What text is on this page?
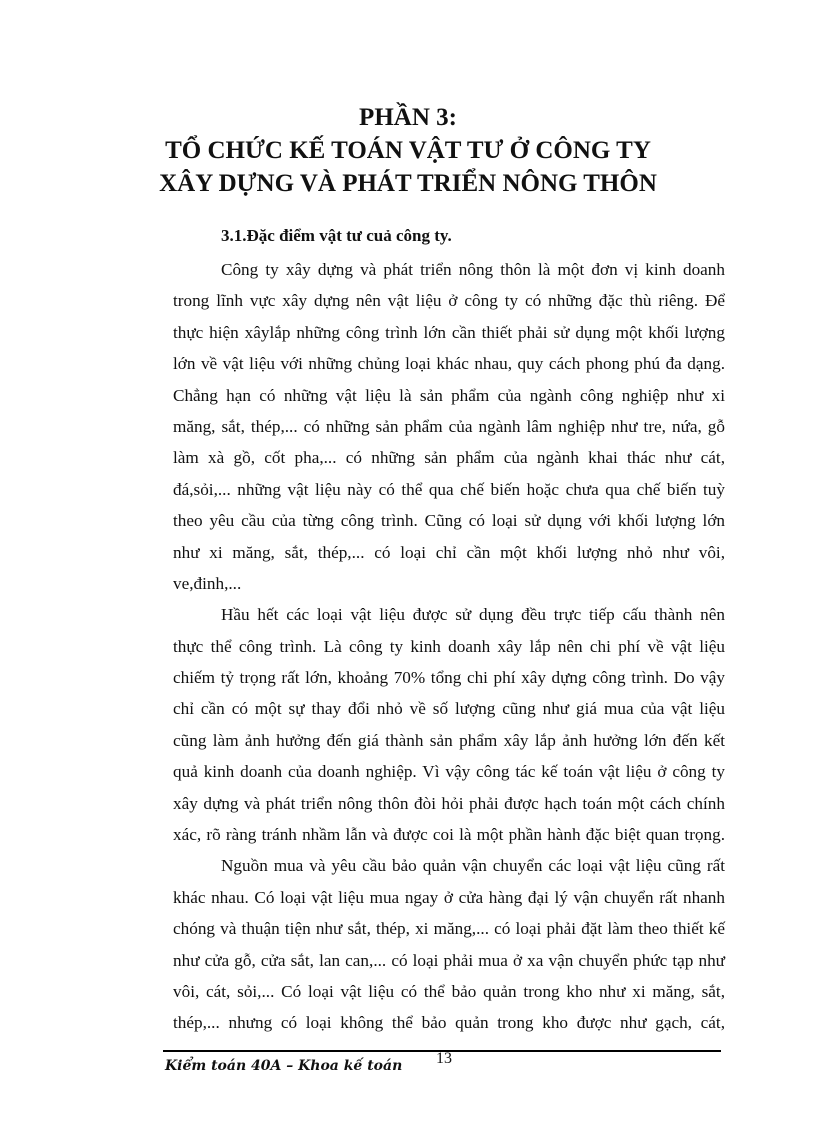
PHẦN 3:
TỔ CHỨC KẾ TOÁN VẬT TƯ Ở CÔNG TY
XÂY DỰNG VÀ PHÁT TRIỂN NÔNG THÔN
3.1.Đặc điểm vật tư cuả công ty.
Công ty xây dựng và phát triển nông thôn là một đơn vị kinh doanh
trong lĩnh vực xây dựng nên vật liệu ở công ty có những đặc thù riêng. Để
thực hiện xâylắp những công trình lớn cần thiết phải sử dụng một khối lượng
lớn về vật liệu với những chủng loại khác nhau, quy cách phong phú đa dạng.
Chẳng hạn có những vật liệu là sản phẩm của ngành công nghiệp như xi
măng, sắt, thép,... có những sản phẩm của ngành lâm nghiệp như tre, nứa, gỗ
làm xà gồ, cốt pha,... có những sản phẩm của ngành khai thác như cát,
đá,sỏi,... những vật liệu này có thể qua chế biến hoặc chưa qua chế biến tuỳ
theo yêu cầu của từng công trình. Cũng có loại sử dụng với khối lượng lớn
như xi măng, sắt, thép,... có loại chỉ cần một khối lượng nhỏ như vôi,
ve,đinh,...
Hầu hết các loại vật liệu được sử dụng đều trực tiếp cấu thành nên
thực thể công trình. Là công ty kinh doanh xây lắp nên chi phí về vật liệu
chiếm tỷ trọng rất lớn, khoảng 70% tổng chi phí xây dựng công trình. Do vậy
chỉ cần có một sự thay đổi nhỏ về số lượng cũng như giá mua của vật liệu
cũng làm ảnh hưởng đến giá thành sản phẩm xây lắp ảnh hưởng lớn đến kết
quả kinh doanh của doanh nghiệp. Vì vậy công tác kế toán vật liệu ở công ty
xây dựng và phát triển nông thôn đòi hỏi phải được hạch toán một cách chính
xác, rõ ràng tránh nhầm lẫn và được coi là một phần hành đặc biệt quan trọng.
Nguồn mua và yêu cầu bảo quản vận chuyển các loại vật liệu cũng rất
khác nhau. Có loại vật liệu mua ngay ở cửa hàng đại lý vận chuyển rất nhanh
chóng và thuận tiện như sắt, thép, xi măng,... có loại phải đặt làm theo thiết kế
như cửa gỗ, cửa sắt, lan can,... có loại phải mua ở xa vận chuyển phức tạp như
vôi, cát, sỏi,... Có loại vật liệu có thể bảo quản trong kho như xi măng, sắt,
thép,... nhưng có loại không thể bảo quản trong kho được như gạch, cát,
Kiểm toán 40A – Khoa kế toán 13
